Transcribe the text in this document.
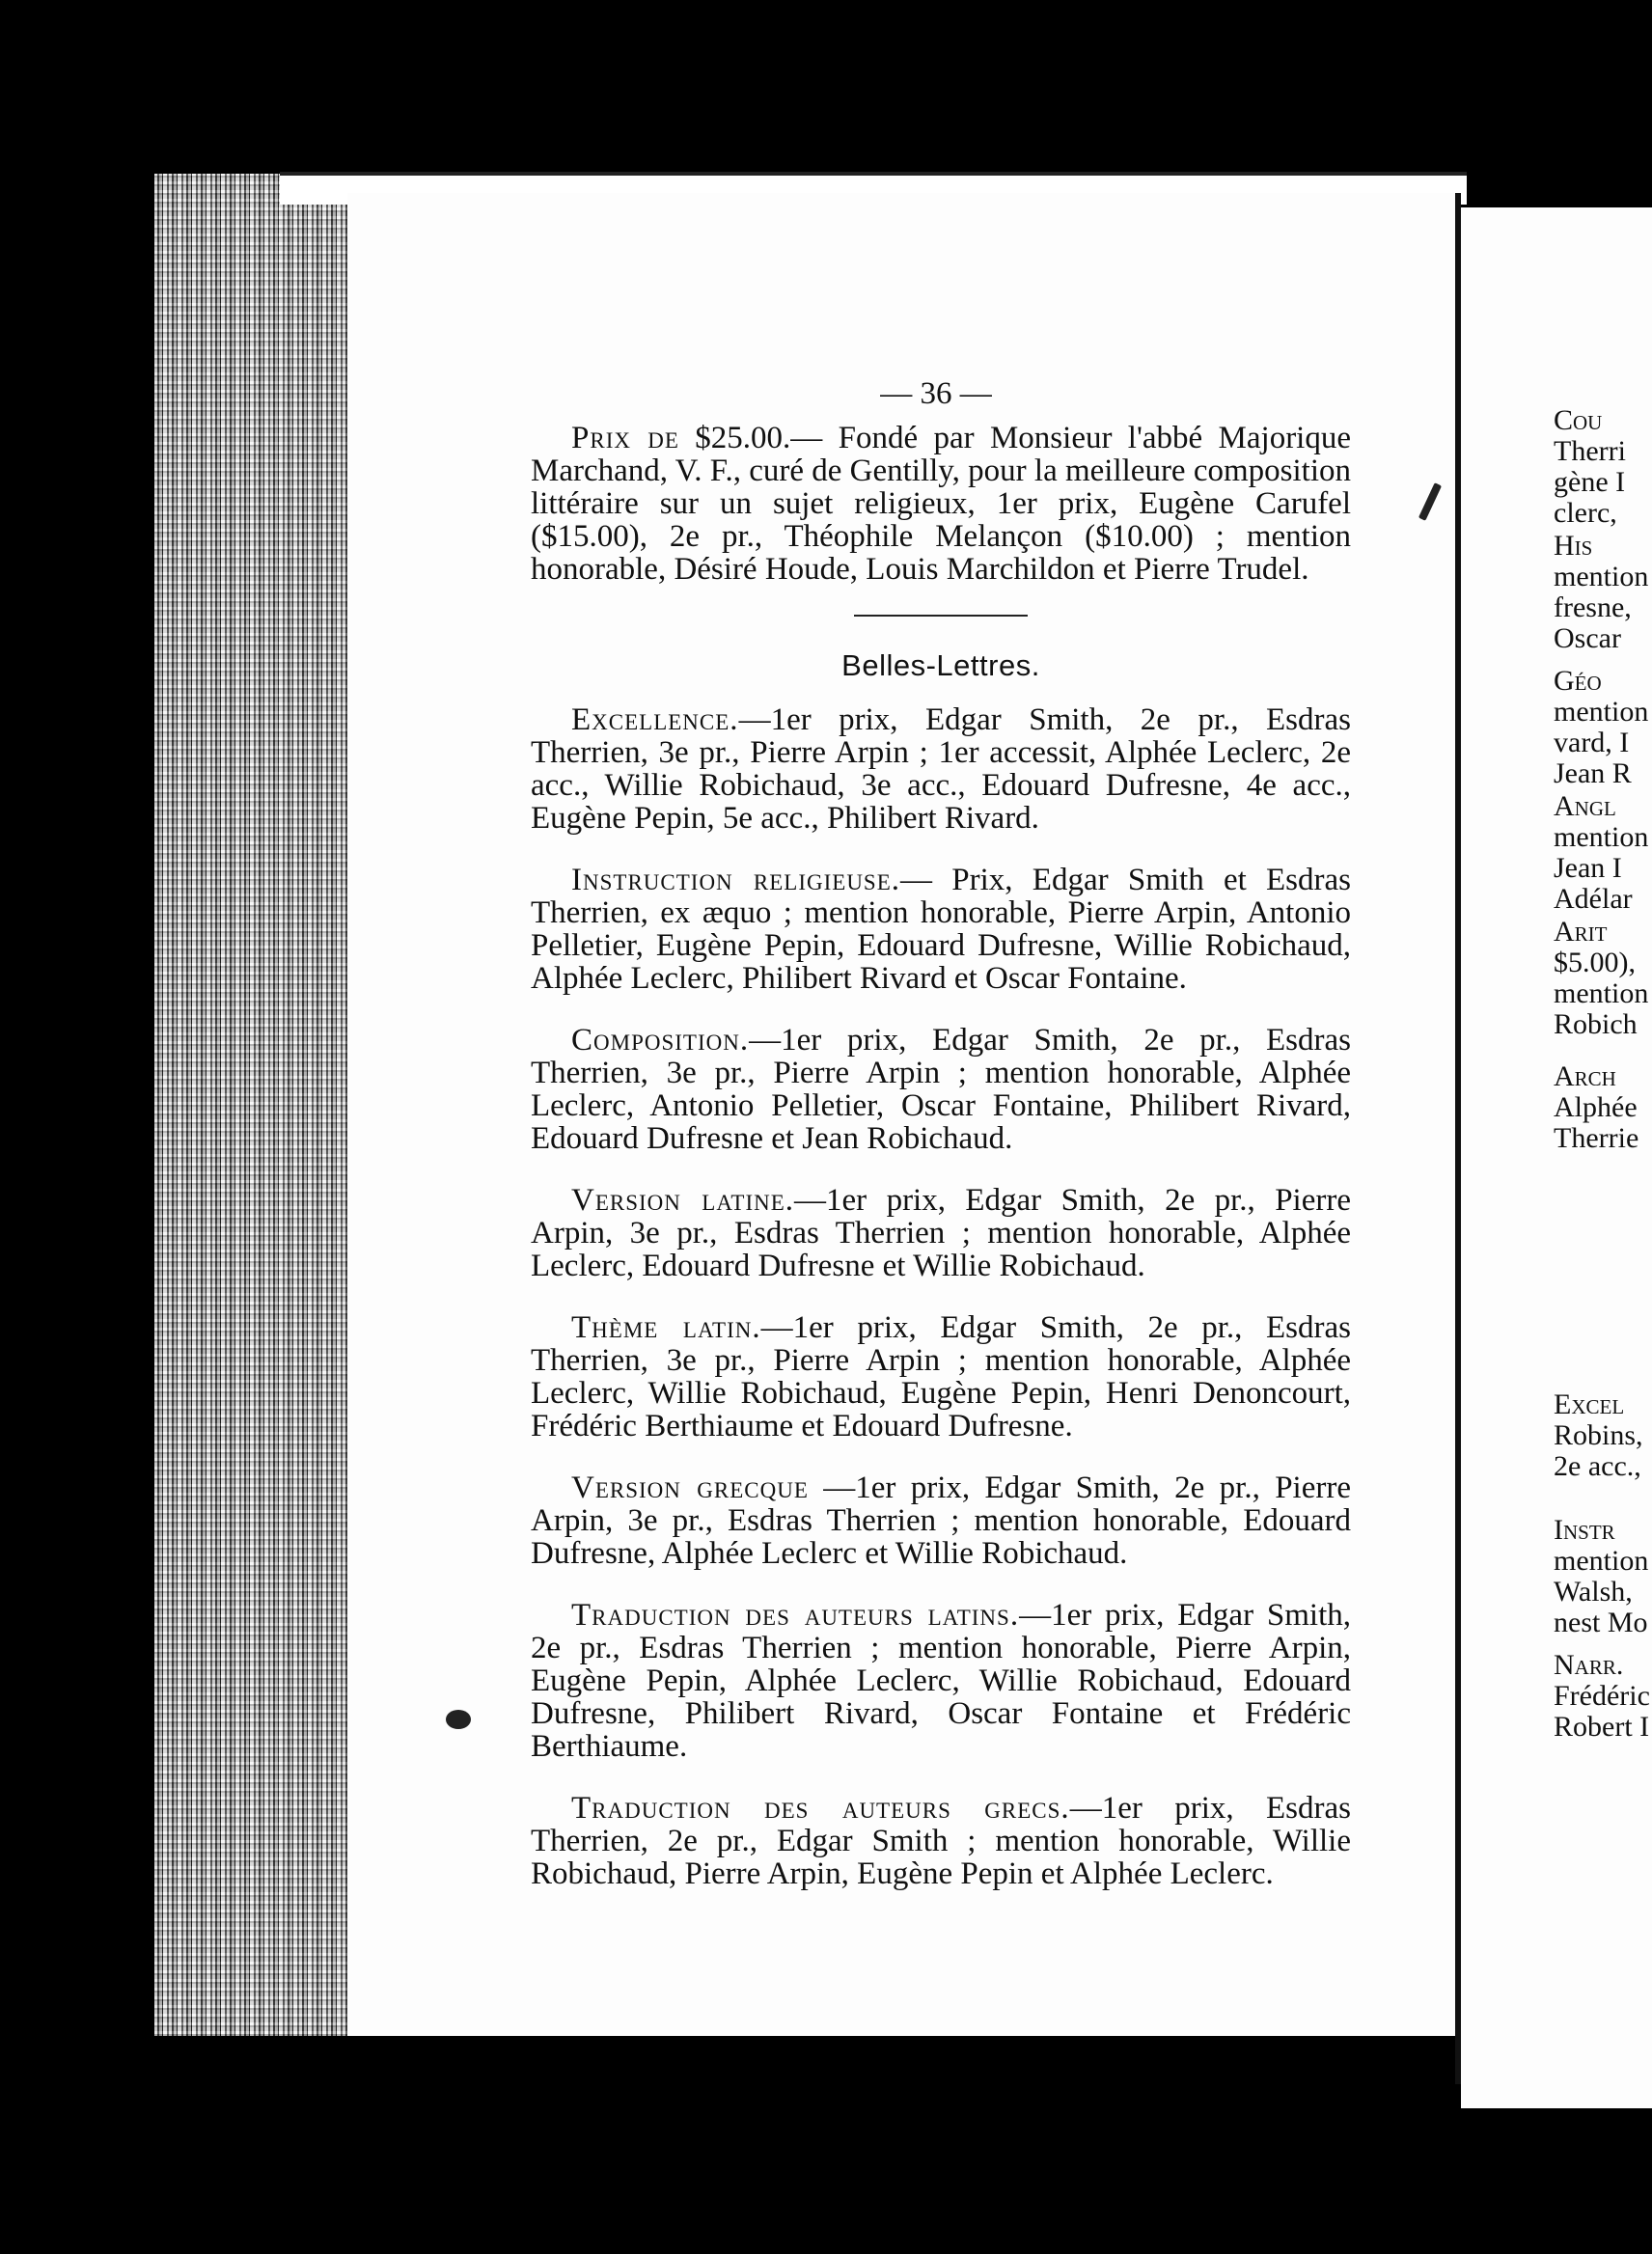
— 36 —

Prix de $25.00.— Fondé par Monsieur l'abbé Majorique Marchand, V. F., curé de Gentilly, pour la meilleure composition littéraire sur un sujet religieux, 1er prix, Eugène Carufel ($15.00), 2e pr., Théophile Melançon ($10.00) ; mention honorable, Désiré Houde, Louis Marchildon et Pierre Trudel.

Belles-Lettres.

Excellence.—1er prix, Edgar Smith, 2e pr., Esdras Therrien, 3e pr., Pierre Arpin ; 1er accessit, Alphée Leclerc, 2e acc., Willie Robichaud, 3e acc., Edouard Dufresne, 4e acc., Eugène Pepin, 5e acc., Philibert Rivard.

Instruction religieuse.— Prix, Edgar Smith et Esdras Therrien, ex æquo ; mention honorable, Pierre Arpin, Antonio Pelletier, Eugène Pepin, Edouard Dufresne, Willie Robichaud, Alphée Leclerc, Philibert Rivard et Oscar Fontaine.

Composition.—1er prix, Edgar Smith, 2e pr., Esdras Therrien, 3e pr., Pierre Arpin ; mention honorable, Alphée Leclerc, Antonio Pelletier, Oscar Fontaine, Philibert Rivard, Edouard Dufresne et Jean Robichaud.

Version latine.—1er prix, Edgar Smith, 2e pr., Pierre Arpin, 3e pr., Esdras Therrien ; mention honorable, Alphée Leclerc, Edouard Dufresne et Willie Robichaud.

Thème latin.—1er prix, Edgar Smith, 2e pr., Esdras Therrien, 3e pr., Pierre Arpin ; mention honorable, Alphée Leclerc, Willie Robichaud, Eugène Pepin, Henri Denoncourt, Frédéric Berthiaume et Edouard Dufresne.

Version grecque —1er prix, Edgar Smith, 2e pr., Pierre Arpin, 3e pr., Esdras Therrien ; mention honorable, Edouard Dufresne, Alphée Leclerc et Willie Robichaud.

Traduction des auteurs latins.—1er prix, Edgar Smith, 2e pr., Esdras Therrien ; mention honorable, Pierre Arpin, Eugène Pepin, Alphée Leclerc, Willie Robichaud, Edouard Dufresne, Philibert Rivard, Oscar Fontaine et Frédéric Berthiaume.

Traduction des auteurs grecs.—1er prix, Esdras Therrien, 2e pr., Edgar Smith ; mention honorable, Willie Robichaud, Pierre Arpin, Eugène Pepin et Alphée Leclerc.

Cou
Therri
gène I
clerc,
His
mention
fresne,
Oscar
Géo
mention
vard, I
Jean R
Angl
mention
Jean I
Adélar
Arit
$5.00),
mention
Robich
Arch
Alphée
Therrie
Excel
Robins,
2e acc.,
Instr
mention
Walsh,
nest Mo
Narr.
Frédéric
Robert I
